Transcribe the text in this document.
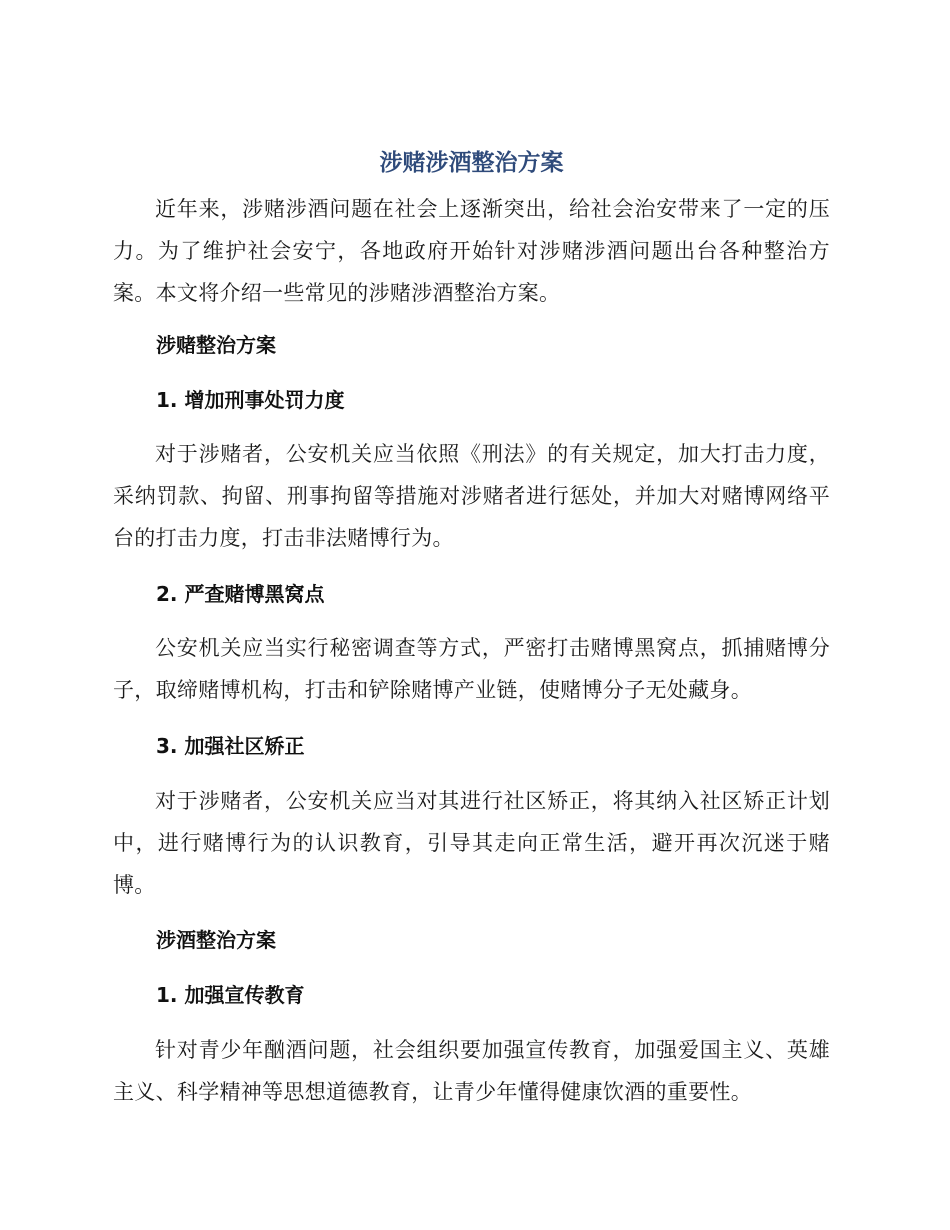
涉赌涉酒整治方案

近年来，涉赌涉酒问题在社会上逐渐突出，给社会治安带来了一定的压力。为了维护社会安宁，各地政府开始针对涉赌涉酒问题出台各种整治方案。本文将介绍一些常见的涉赌涉酒整治方案。

涉赌整治方案
1. 增加刑事处罚力度

对于涉赌者，公安机关应当依照《刑法》的有关规定，加大打击力度，采纳罚款、拘留、刑事拘留等措施对涉赌者进行惩处，并加大对赌博网络平台的打击力度，打击非法赌博行为。

2. 严查赌博黑窝点

公安机关应当实行秘密调查等方式，严密打击赌博黑窝点，抓捕赌博分子，取缔赌博机构，打击和铲除赌博产业链，使赌博分子无处藏身。

3. 加强社区矫正

对于涉赌者，公安机关应当对其进行社区矫正，将其纳入社区矫正计划中，进行赌博行为的认识教育，引导其走向正常生活，避开再次沉迷于赌博。

涉酒整治方案
1. 加强宣传教育

针对青少年酗酒问题，社会组织要加强宣传教育，加强爱国主义、英雄主义、科学精神等思想道德教育，让青少年懂得健康饮酒的重要性。
